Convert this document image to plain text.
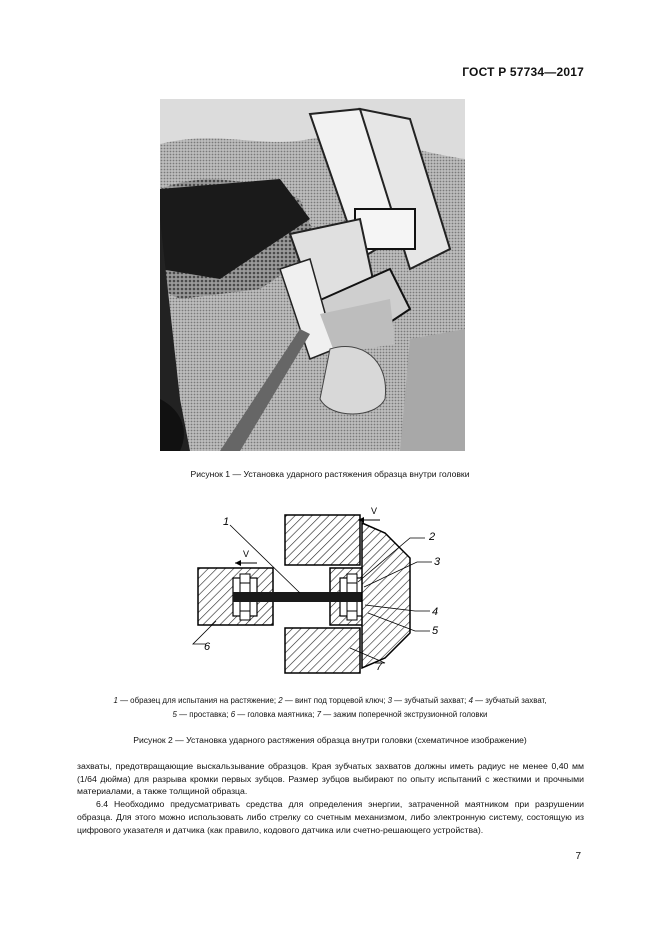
ГОСТ Р 57734—2017
Рисунок 1 — Установка ударного растяжения образца внутри головки
1
2
3
4
5
6
7
V
V
1 — образец для испытания на растяжение; 2 — винт под торцевой ключ; 3 — зубчатый захват; 4 — зубчатый захват,
5 — проставка; 6 — головка маятника; 7 — зажим поперечной экструзионной головки
Рисунок 2 — Установка ударного растяжения образца внутри головки (схематичное изображение)

захваты, предотвращающие выскальзывание образцов. Края зубчатых захватов должны иметь радиус не менее 0,40 мм (1/64 дюйма) для разрыва кромки первых зубцов. Размер зубцов выбирают по опыту испытаний с жесткими и прочными материалами, а также толщиной образца.

6.4 Необходимо предусматривать средства для определения энергии, затраченной маятником при разрушении образца. Для этого можно использовать либо стрелку со счетным механизмом, либо электронную систему, состоящую из цифрового указателя и датчика (как правило, кодового датчика или счетно-решающего устройства).

7
